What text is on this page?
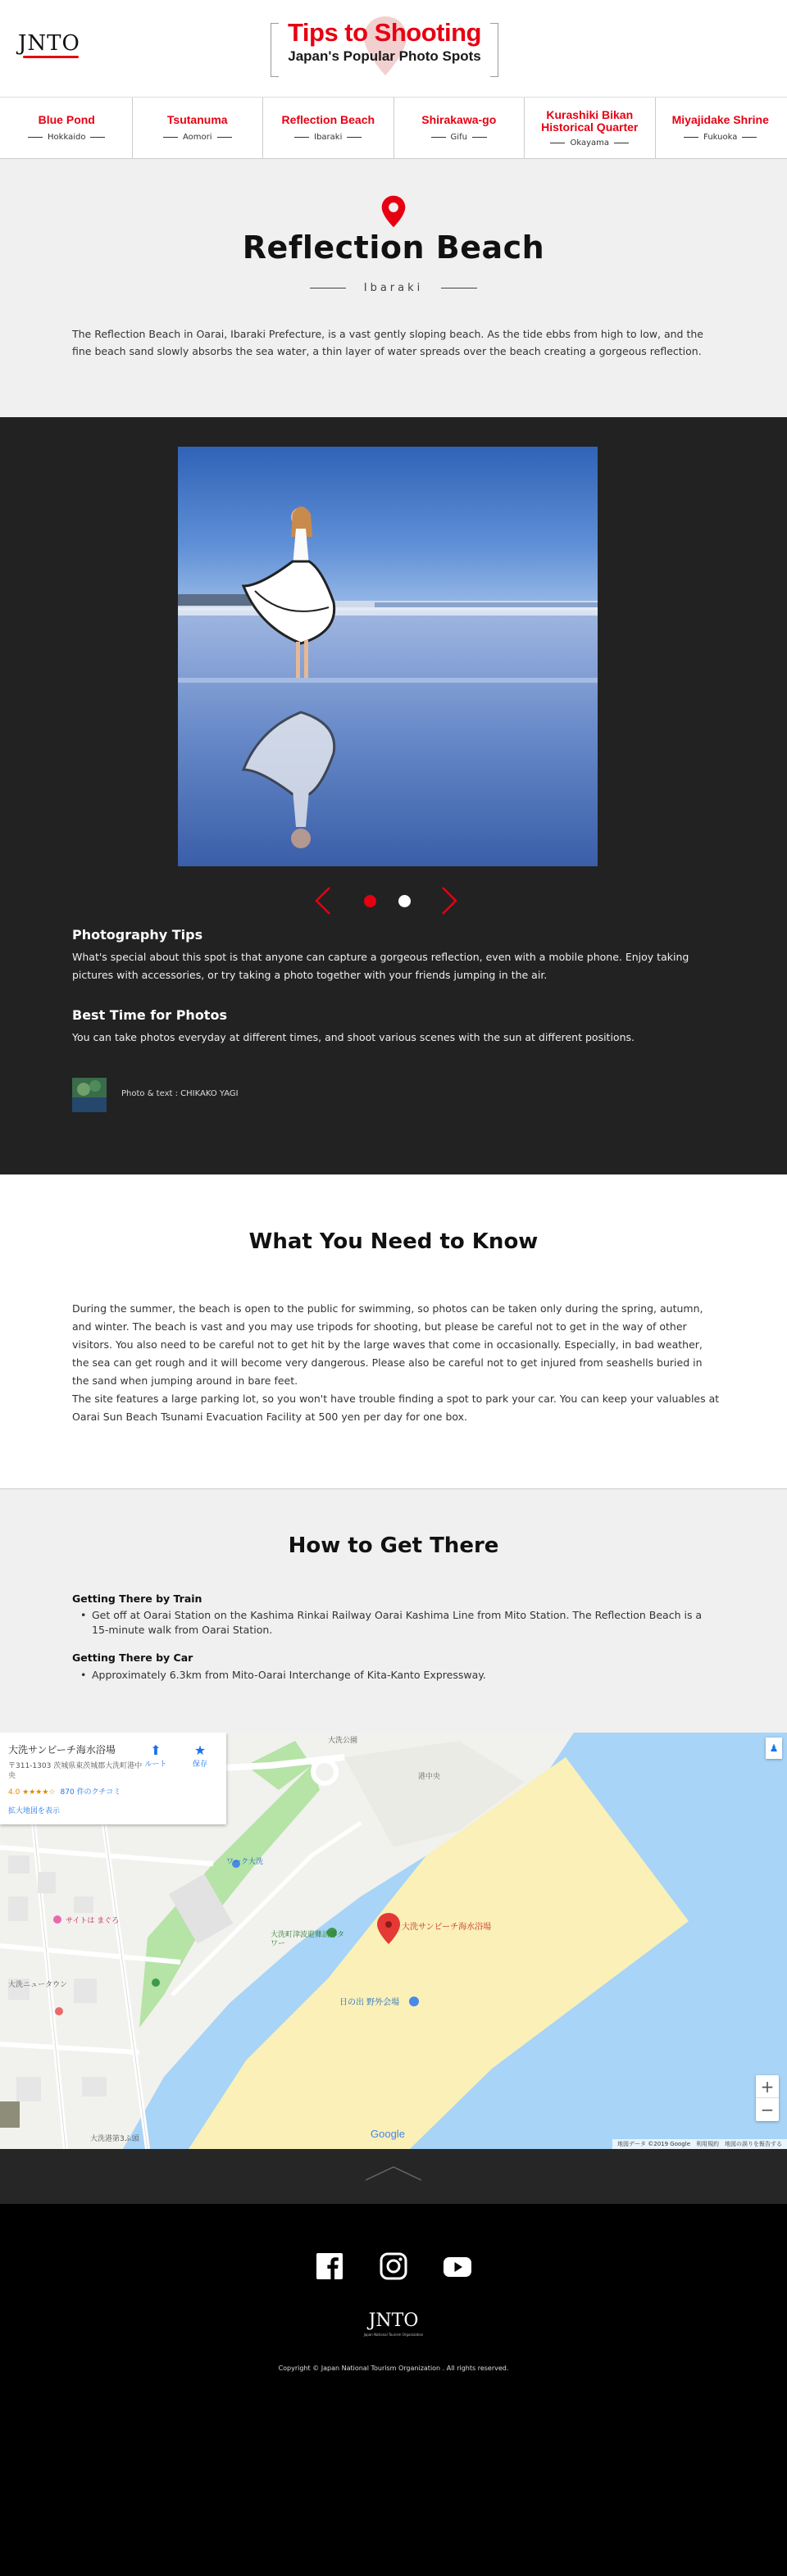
JNTO	Tips to Shooting
Japan's Popular Photo Spots
Blue Pond
Hokkaido
Tsutanuma
Aomori
Reflection Beach
Ibaraki
Shirakawa-go
Gifu
Kurashiki Bikan Historical Quarter
Okayama
Miyajidake Shrine
Fukuoka
Reflection Beach
Ibaraki

The Reflection Beach in Oarai, Ibaraki Prefecture, is a vast gently sloping beach. As the tide ebbs from high to low, and the fine beach sand slowly absorbs the sea water, a thin layer of water spreads over the beach creating a gorgeous reflection.

Photography Tips

What's special about this spot is that anyone can capture a gorgeous reflection, even with a mobile phone. Enjoy taking pictures with accessories, or try taking a photo together with your friends jumping in the air.

Best Time for Photos

You can take photos everyday at different times, and shoot various scenes with the sun at different positions.

Photo & text : CHIKAKO YAGI
What You Need to Know

During the summer, the beach is open to the public for swimming, so photos can be taken only during the spring, autumn, and winter. The beach is vast and you may use tripods for shooting, but please be careful not to get in the way of other visitors. You also need to be careful not to get hit by the large waves that come in occasionally. Especially, in bad weather, the sea can get rough and it will become very dangerous. Please also be careful not to get injured from seashells buried in the sand when jumping around in bare feet.

The site features a large parking lot, so you won't have trouble finding a spot to park your car. You can keep your valuables at Oarai Sun Beach Tsunami Evacuation Facility at 500 yen per day for one box.

How to Get There
Getting There by Train
• Get off at Oarai Station on the Kashima Rinkai Railway Oarai Kashima Line from Mito Station. The Reflection Beach is a 15-minute walk from Oarai Station.
Getting There by Car
• Approximately 6.3km from Mito-Oarai Interchange of Kita-Kanto Expressway.
大洗サンビーチ海水浴場
〒311-1303 茨城県東茨城郡大洗町港中央
4.0 ★★★★☆ 870 件のクチコミ
拡大地図を表示
⬆
ルート
★
保存
大洗サンビーチ海水浴場
大洗町津波避難誘導タワー
日の出 野外会場
ワーク大洗
大洗公園
港中央
サイトは まぐろ
大洗ニュータウン
大洗港第3ふ頭
♟
+
−
Google
地図データ ©2019 Google　利用規約　地図の誤りを報告する
JNTO
Japan National Tourism Organization
Copyright © Japan National Tourism Organization . All rights reserved.
